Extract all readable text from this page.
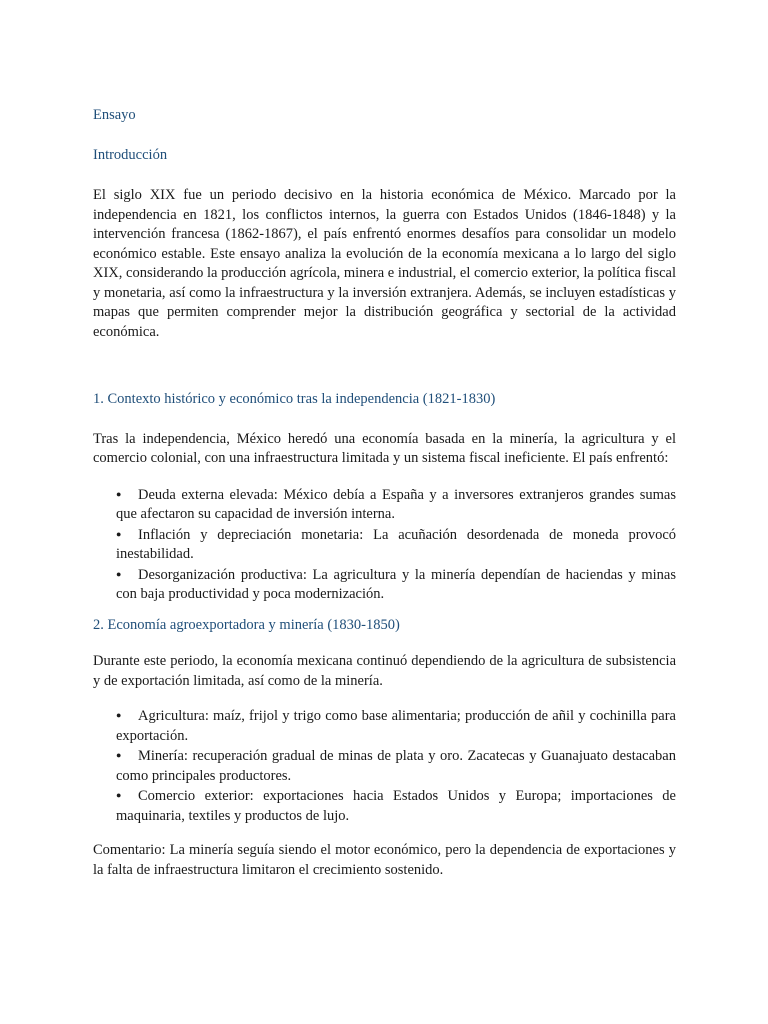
Ensayo

Introducción

El siglo XIX fue un periodo decisivo en la historia económica de México. Marcado por la independencia en 1821, los conflictos internos, la guerra con Estados Unidos (1846-1848) y la intervención francesa (1862-1867), el país enfrentó enormes desafíos para consolidar un modelo económico estable. Este ensayo analiza la evolución de la economía mexicana a lo largo del siglo XIX, considerando la producción agrícola, minera e industrial, el comercio exterior, la política fiscal y monetaria, así como la infraestructura y la inversión extranjera. Además, se incluyen estadísticas y mapas que permiten comprender mejor la distribución geográfica y sectorial de la actividad económica.

1. Contexto histórico y económico tras la independencia (1821-1830)

Tras la independencia, México heredó una economía basada en la minería, la agricultura y el comercio colonial, con una infraestructura limitada y un sistema fiscal ineficiente. El país enfrentó:

● Deuda externa elevada: México debía a España y a inversores extranjeros grandes sumas que afectaron su capacidad de inversión interna.
● Inflación y depreciación monetaria: La acuñación desordenada de moneda provocó inestabilidad.
● Desorganización productiva: La agricultura y la minería dependían de haciendas y minas con baja productividad y poca modernización.

2. Economía agroexportadora y minería (1830-1850)

Durante este periodo, la economía mexicana continuó dependiendo de la agricultura de subsistencia y de exportación limitada, así como de la minería.

● Agricultura: maíz, frijol y trigo como base alimentaria; producción de añil y cochinilla para exportación.
● Minería: recuperación gradual de minas de plata y oro. Zacatecas y Guanajuato destacaban como principales productores.
● Comercio exterior: exportaciones hacia Estados Unidos y Europa; importaciones de maquinaria, textiles y productos de lujo.

Comentario: La minería seguía siendo el motor económico, pero la dependencia de exportaciones y la falta de infraestructura limitaron el crecimiento sostenido.
